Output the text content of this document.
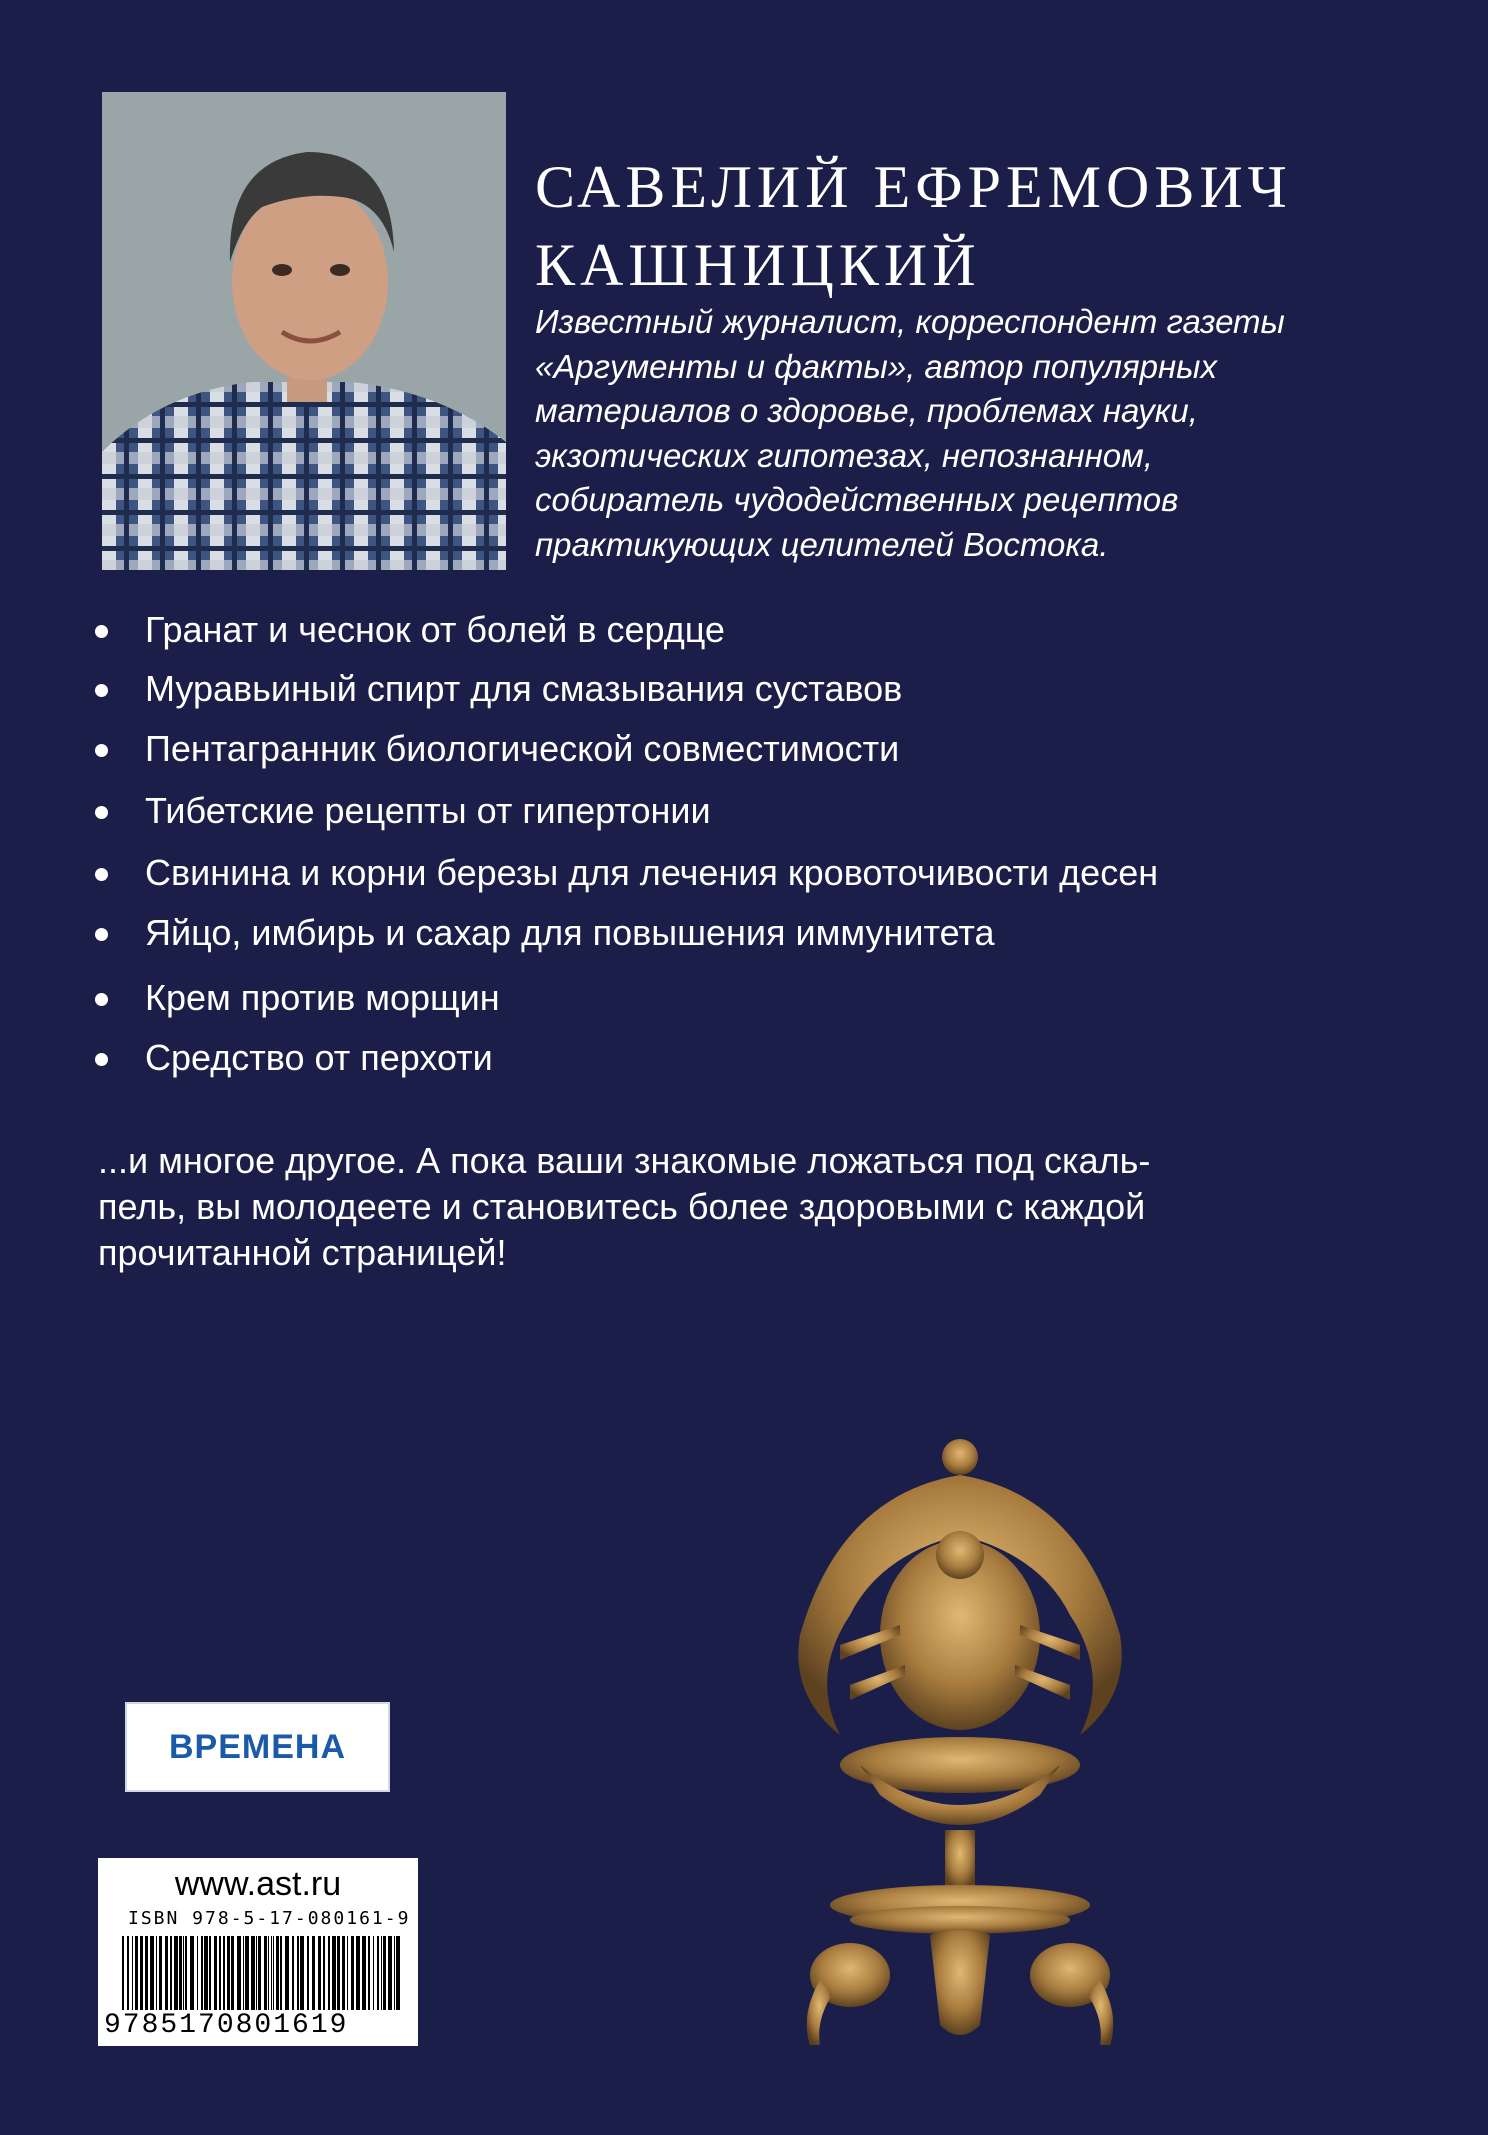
САВЕЛИЙ ЕФРЕМОВИЧ
КАШНИЦКИЙ
Известный журналист, корреспондент газеты
«Аргументы и факты», автор популярных
материалов о здоровье, проблемах науки,
экзотических гипотезах, непознанном,
собиратель чудодейственных рецептов
практикующих целителей Востока.
Гранат и чеснок от болей в сердце
Муравьиный спирт для смазывания суставов
Пентагранник биологической совместимости
Тибетские рецепты от гипертонии
Свинина и корни березы для лечения кровоточивости десен
Яйцо, имбирь и сахар для повышения иммунитета
Крем против морщин
Средство от перхоти
...и многое другое. А пока ваши знакомые ложаться под скаль-
пель, вы молодеете и становитесь более здоровыми с каждой
прочитанной страницей!
ВРЕМЕНА
www.ast.ru
ISBN 978-5-17-080161-9
9785170801619
